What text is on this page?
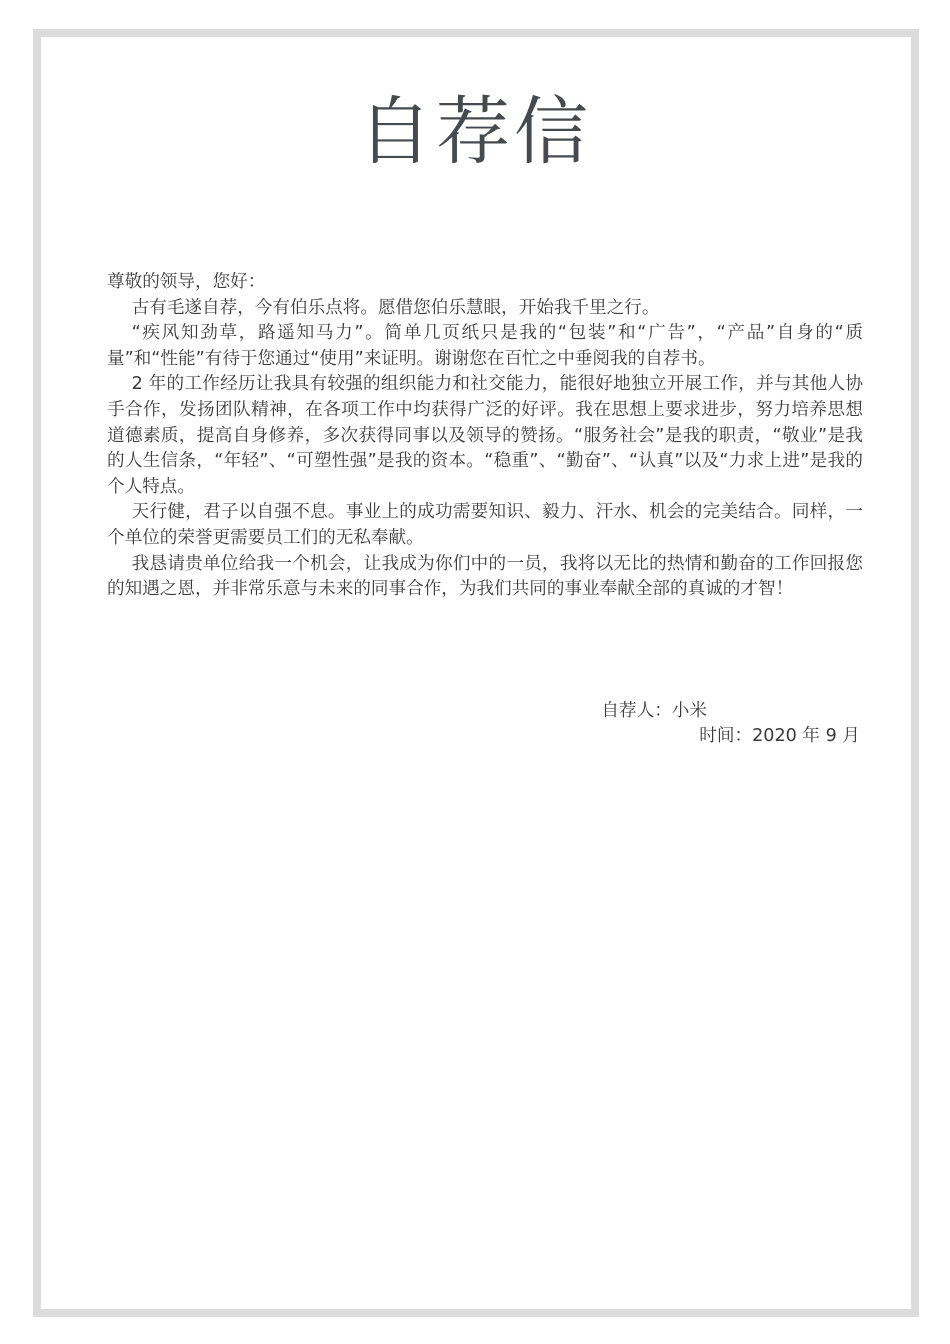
自荐信

尊敬的领导，您好：

古有毛遂自荐，今有伯乐点将。愿借您伯乐慧眼，开始我千里之行。

“疾风知劲草，路遥知马力”。简单几页纸只是我的“包装”和“广告”，“产品”自身的“质量”和“性能”有待于您通过“使用”来证明。谢谢您在百忙之中垂阅我的自荐书。

2 年的工作经历让我具有较强的组织能力和社交能力，能很好地独立开展工作，并与其他人协手合作，发扬团队精神，在各项工作中均获得广泛的好评。我在思想上要求进步，努力培养思想道德素质，提高自身修养，多次获得同事以及领导的赞扬。“服务社会”是我的职责，“敬业”是我的人生信条，“年轻”、“可塑性强”是我的资本。“稳重”、“勤奋”、“认真”以及“力求上进”是我的个人特点。

天行健，君子以自强不息。事业上的成功需要知识、毅力、汗水、机会的完美结合。同样，一个单位的荣誉更需要员工们的无私奉献。

我恳请贵单位给我一个机会，让我成为你们中的一员，我将以无比的热情和勤奋的工作回报您的知遇之恩，并非常乐意与未来的同事合作，为我们共同的事业奉献全部的真诚的才智！

自荐人：小米
时间：2020 年 9 月
